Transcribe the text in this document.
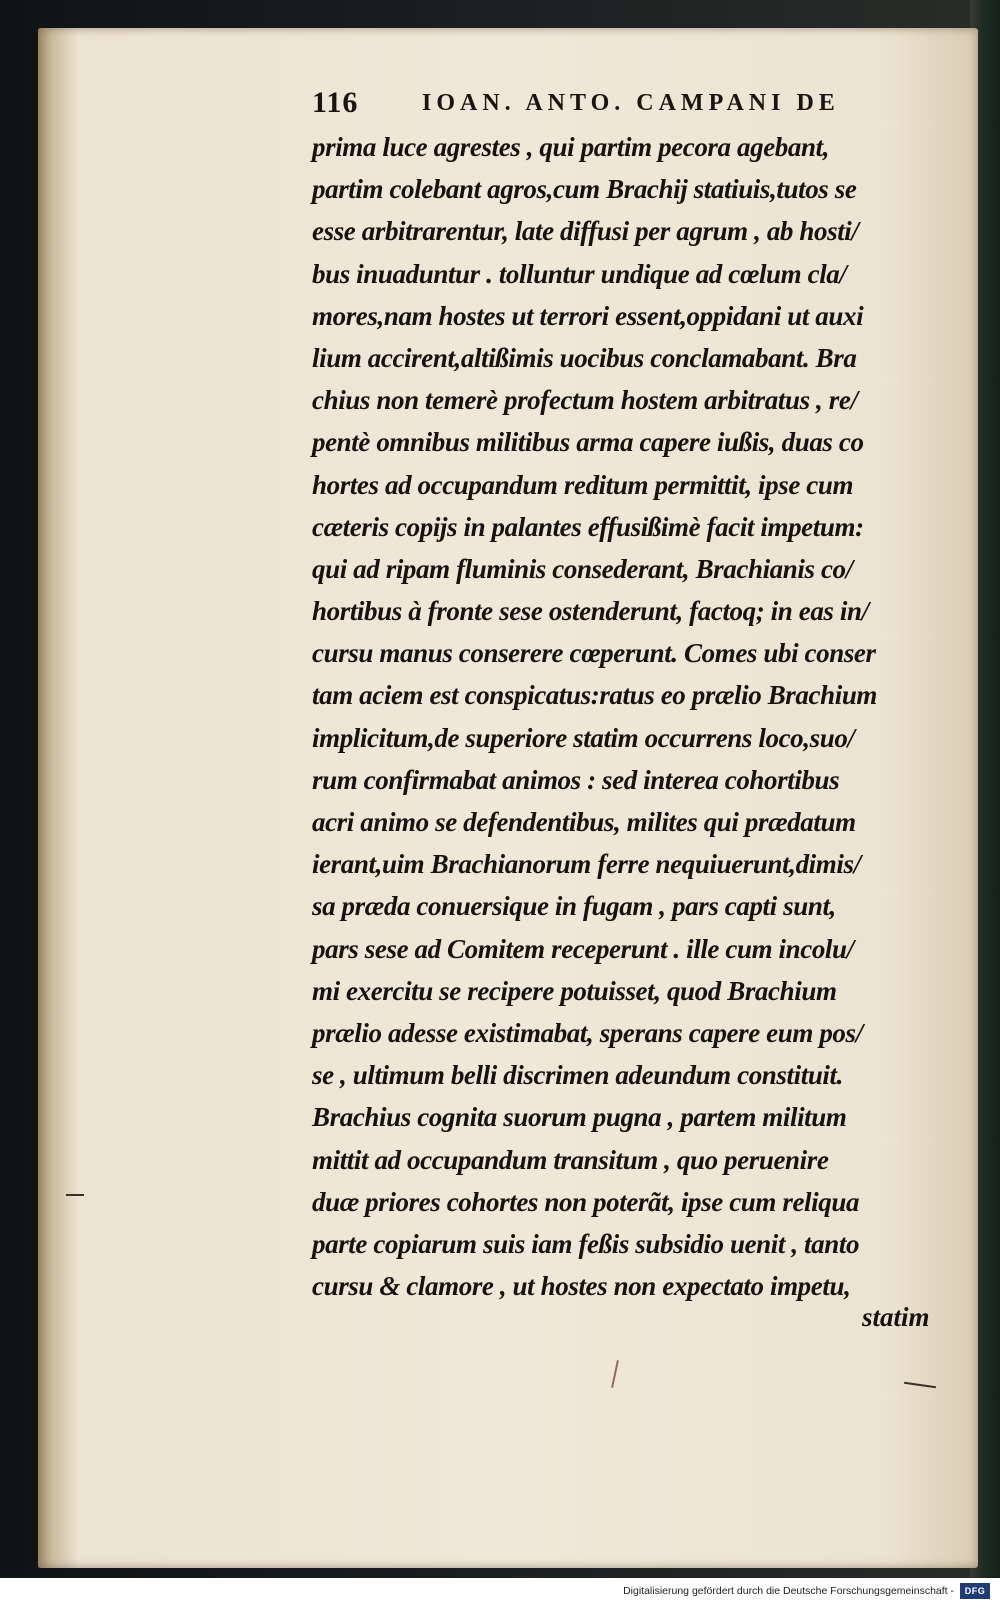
116	IOAN. ANTO. CAMPANI DE
prima luce agrestes , qui partim pecora agebant,
partim colebant agros,cum Brachij statiuis,tutos se
esse arbitrarentur, late diffusi per agrum , ab hosti/
bus inuaduntur . tolluntur undique ad cœlum cla/
mores,nam hostes ut terrori essent,oppidani ut auxi
lium accirent,altißimis uocibus conclamabant. Bra
chius non temerè profectum hostem arbitratus , re/
pentè omnibus militibus arma capere iußis, duas co
hortes ad occupandum reditum permittit, ipse cum
cæteris copijs in palantes effusißimè facit impetum:
qui ad ripam fluminis consederant, Brachianis co/
hortibus à fronte sese ostenderunt, factoq; in eas in/
cursu manus conserere cœperunt. Comes ubi conser
tam aciem est conspicatus:ratus eo prælio Brachium
implicitum,de superiore statim occurrens loco,suo/
rum confirmabat animos : sed interea cohortibus
acri animo se defendentibus, milites qui prædatum
ierant,uim Brachianorum ferre nequiuerunt,dimis/
sa præda conuersique in fugam , pars capti sunt,
pars sese ad Comitem receperunt . ille cum incolu/
mi exercitu se recipere potuisset, quod Brachium
prælio adesse existimabat, sperans capere eum pos/
se , ultimum belli discrimen adeundum constituit.
Brachius cognita suorum pugna , partem militum
mittit ad occupandum transitum , quo peruenire
duæ priores cohortes non poterãt, ipse cum reliqua
parte copiarum suis iam feßis subsidio uenit , tanto
cursu & clamore , ut hostes non expectato impetu,
statim
Digitalisierung gefördert durch die Deutsche Forschungsgemeinschaft -	DFG
